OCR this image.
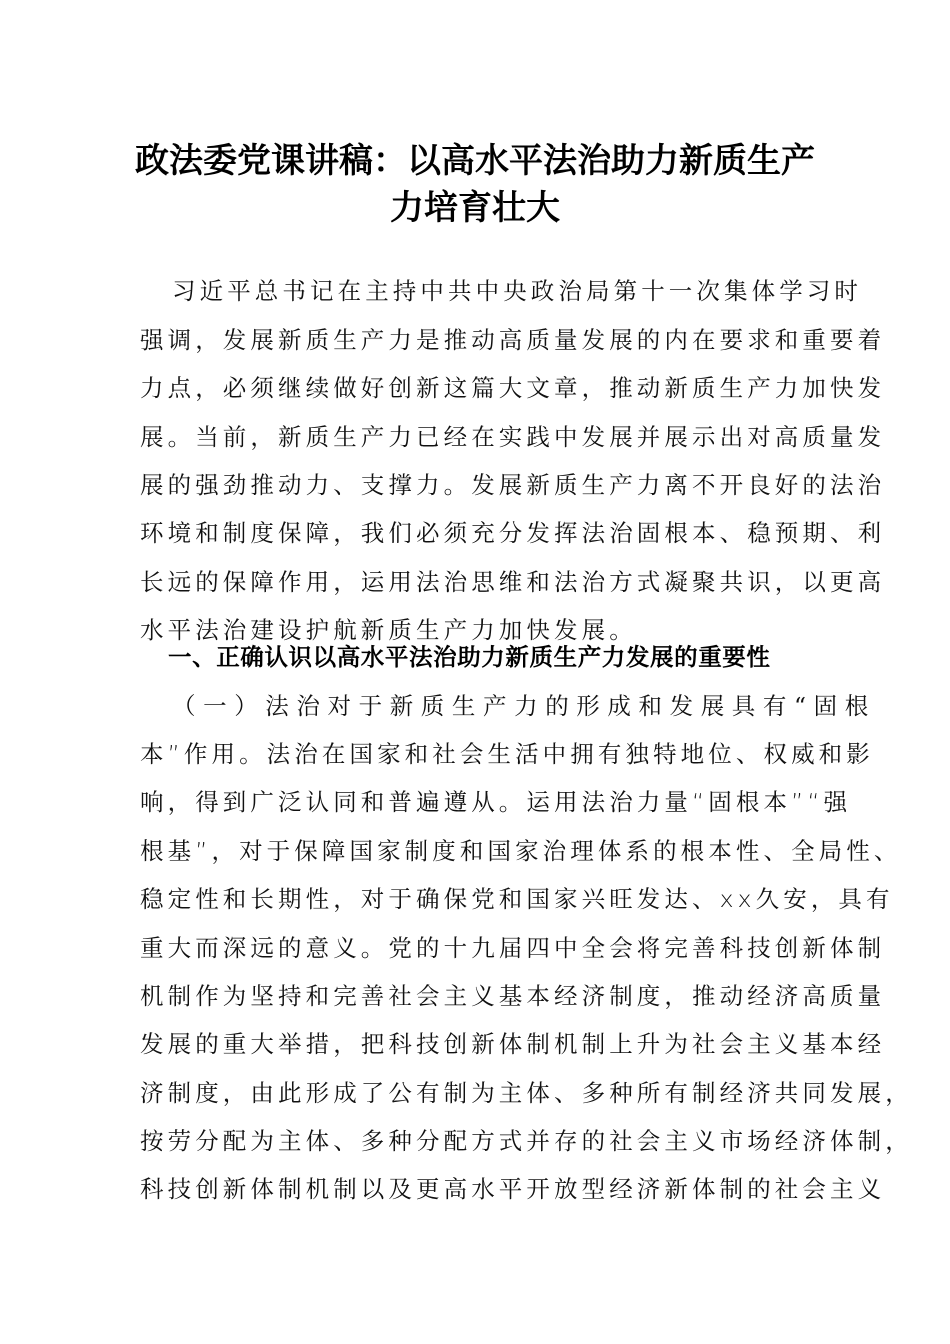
政法委党课讲稿：以高水平法治助力新质生产
力培育壮大
习近平总书记在主持中共中央政治局第十一次集体学习时
强调，发展新质生产力是推动高质量发展的内在要求和重要着
力点，必须继续做好创新这篇大文章，推动新质生产力加快发
展。当前，新质生产力已经在实践中发展并展示出对高质量发
展的强劲推动力、支撑力。发展新质生产力离不开良好的法治
环境和制度保障，我们必须充分发挥法治固根本、稳预期、利
长远的保障作用，运用法治思维和法治方式凝聚共识，以更高
水平法治建设护航新质生产力加快发展。
一、正确认识以高水平法治助力新质生产力发展的重要性
（一）法治对于新质生产力的形成和发展具有“固根
本”作用。法治在国家和社会生活中拥有独特地位、权威和影
响，得到广泛认同和普遍遵从。运用法治力量“固根本”“强
根基”，对于保障国家制度和国家治理体系的根本性、全局性、
稳定性和长期性，对于确保党和国家兴旺发达、xx久安，具有
重大而深远的意义。党的十九届四中全会将完善科技创新体制
机制作为坚持和完善社会主义基本经济制度，推动经济高质量
发展的重大举措，把科技创新体制机制上升为社会主义基本经
济制度，由此形成了公有制为主体、多种所有制经济共同发展，
按劳分配为主体、多种分配方式并存的社会主义市场经济体制，
科技创新体制机制以及更高水平开放型经济新体制的社会主义
